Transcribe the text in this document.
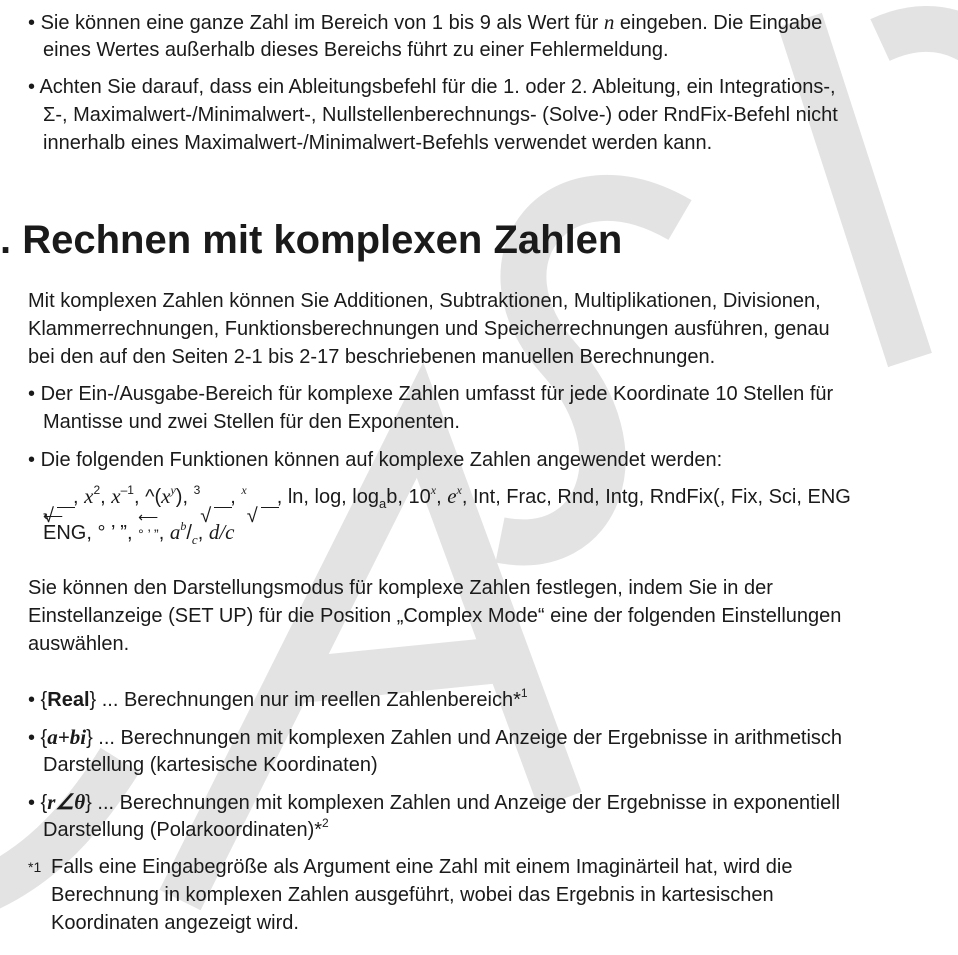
• Sie können eine ganze Zahl im Bereich von 1 bis 9 als Wert für n eingeben. Die Eingabe
eines Wertes außerhalb dieses Bereichs führt zu einer Fehlermeldung.
• Achten Sie darauf, dass ein Ableitungsbefehl für die 1. oder 2. Ableitung, ein Integrations-,
Σ-, Maximalwert-/Minimalwert-, Nullstellenberechnungs- (Solve-) oder RndFix-Befehl nicht
innerhalb eines Maximalwert-/Minimalwert-Befehls verwendet werden kann.
. Rechnen mit komplexen Zahlen
Mit komplexen Zahlen können Sie Additionen, Subtraktionen, Multiplikationen, Divisionen,
Klammerrechnungen, Funktionsberechnungen und Speicherrechnungen ausführen, genau
bei den auf den Seiten 2-1 bis 2-17 beschriebenen manuellen Berechnungen.
• Der Ein-/Ausgabe-Bereich für komplexe Zahlen umfasst für jede Koordinate 10 Stellen für
Mantisse und zwei Stellen für den Exponenten.
• Die folgenden Funktionen können auf komplexe Zahlen angewendet werden:
, $x^2$, $x^{-1}$, $\^{}(x^y)$, $^3$ , $^x$ , ln, log, $\log_ab$, 10$^x$, $e^x$, Int, Frac, Rnd, Intg, RndFix(, Fix, Sci, ENG
⟵ ENG, ° ’ ”, ⟵ ° ’ ”, $a^b/_c$, d/c
Sie können den Darstellungsmodus für komplexe Zahlen festlegen, indem Sie in der
Einstellanzeige (SET UP) für die Position „Complex Mode“ eine der folgenden Einstellungen
auswählen.
• {Real} ... Berechnungen nur im reellen Zahlenbereich*$^1$
• {a+bi} ... Berechnungen mit komplexen Zahlen und Anzeige der Ergebnisse in arithmetisch
Darstellung (kartesische Koordinaten)
• {r∠θ} ... Berechnungen mit komplexen Zahlen und Anzeige der Ergebnisse in exponentiell
Darstellung (Polarkoordinaten)*$^2$
$^{*1}$ Falls eine Eingabegröße als Argument eine Zahl mit einem Imaginärteil hat, wird die
Berechnung in komplexen Zahlen ausgeführt, wobei das Ergebnis in kartesischen
Koordinaten angezeigt wird.
